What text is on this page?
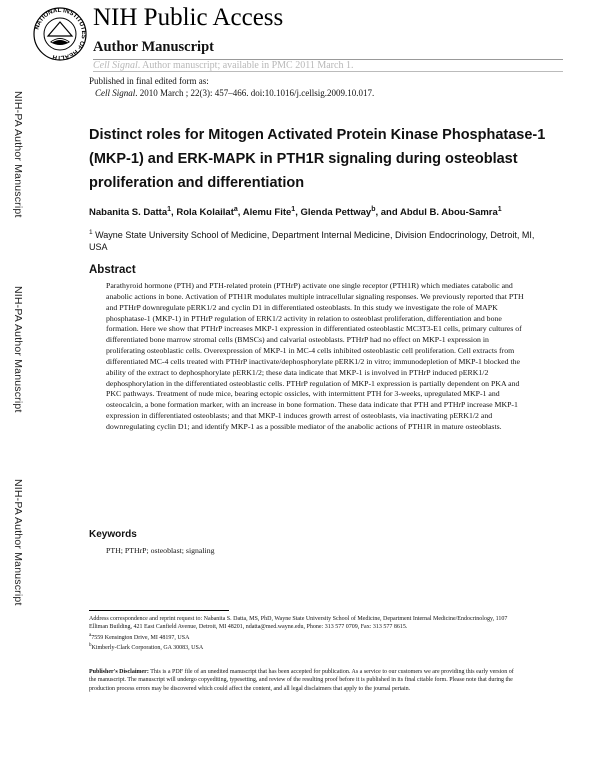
NATIONAL INSTITUTES OF HEALTH
NIH Public Access
Author Manuscript
Cell Signal. Author manuscript; available in PMC 2011 March 1.
Published in final edited form as:
Cell Signal. 2010 March ; 22(3): 457–466. doi:10.1016/j.cellsig.2009.10.017.
NIH-PA Author Manuscript
NIH-PA Author Manuscript
NIH-PA Author Manuscript
Distinct roles for Mitogen Activated Protein Kinase Phosphatase-1 (MKP-1) and ERK-MAPK in PTH1R signaling during osteoblast proliferation and differentiation
Nabanita S. Datta$^1$, Rola Kolailat$^a$, Alemu Fite$^1$, Glenda Pettway$^b$, and Abdul B. Abou-Samra$^1$
$^1$ Wayne State University School of Medicine, Department Internal Medicine, Division Endocrinology, Detroit, MI, USA
Abstract
Parathyroid hormone (PTH) and PTH-related protein (PTHrP) activate one single receptor (PTH1R) which mediates catabolic and anabolic actions in bone. Activation of PTH1R modulates multiple intracellular signaling responses. We previously reported that PTH and PTHrP downregulate pERK1/2 and cyclin D1 in differentiated osteoblasts. In this study we investigate the role of MAPK phosphatase-1 (MKP-1) in PTHrP regulation of ERK1/2 activity in relation to osteoblast proliferation, differentiation and bone formation. Here we show that PTHrP increases MKP-1 expression in differentiated osteoblastic MC3T3-E1 cells, primary cultures of differentiated bone marrow stromal cells (BMSCs) and calvarial osteoblasts. PTHrP had no effect on MKP-1 expression in proliferating osteoblastic cells. Overexpression of MKP-1 in MC-4 cells inhibited osteoblastic cell proliferation. Cell extracts from differentiated MC-4 cells treated with PTHrP inactivate/dephosphorylate pERK1/2 in vitro; immunodepletion of MKP-1 blocked the ability of the extract to dephosphorylate pERK1/2; these data indicate that MKP-1 is involved in PTHrP induced pERK1/2 dephosphorylation in the differentiated osteoblastic cells. PTHrP regulation of MKP-1 expression is partially dependent on PKA and PKC pathways. Treatment of nude mice, bearing ectopic ossicles, with intermittent PTH for 3-weeks, upregulated MKP-1 and osteocalcin, a bone formation marker, with an increase in bone formation. These data indicate that PTH and PTHrP increase MKP-1 expression in differentiated osteoblasts; and that MKP-1 induces growth arrest of osteoblasts, via inactivating pERK1/2 and downregulating cyclin D1; and identify MKP-1 as a possible mediator of the anabolic actions of PTH1R in mature osteoblasts.
Keywords
PTH; PTHrP; osteoblast; signaling

Address correspondence and reprint request to: Nabanita S. Datta, MS, PhD, Wayne State University School of Medicine, Department Internal Medicine/Endocrinology, 1107 Elliman Building, 421 East Canfield Avenue, Detroit, MI 48201, ndatta@med.wayne.edu, Phone: 313 577 0709, Fax: 313 577 8615.

$^a$7559 Kensington Drive, MI 48197, USA

$^b$Kimberly-Clark Corporation, GA 30083, USA

Publisher's Disclaimer: This is a PDF file of an unedited manuscript that has been accepted for publication. As a service to our customers we are providing this early version of the manuscript. The manuscript will undergo copyediting, typesetting, and review of the resulting proof before it is published in its final citable form. Please note that during the production process errors may be discovered which could affect the content, and all legal disclaimers that apply to the journal pertain.
